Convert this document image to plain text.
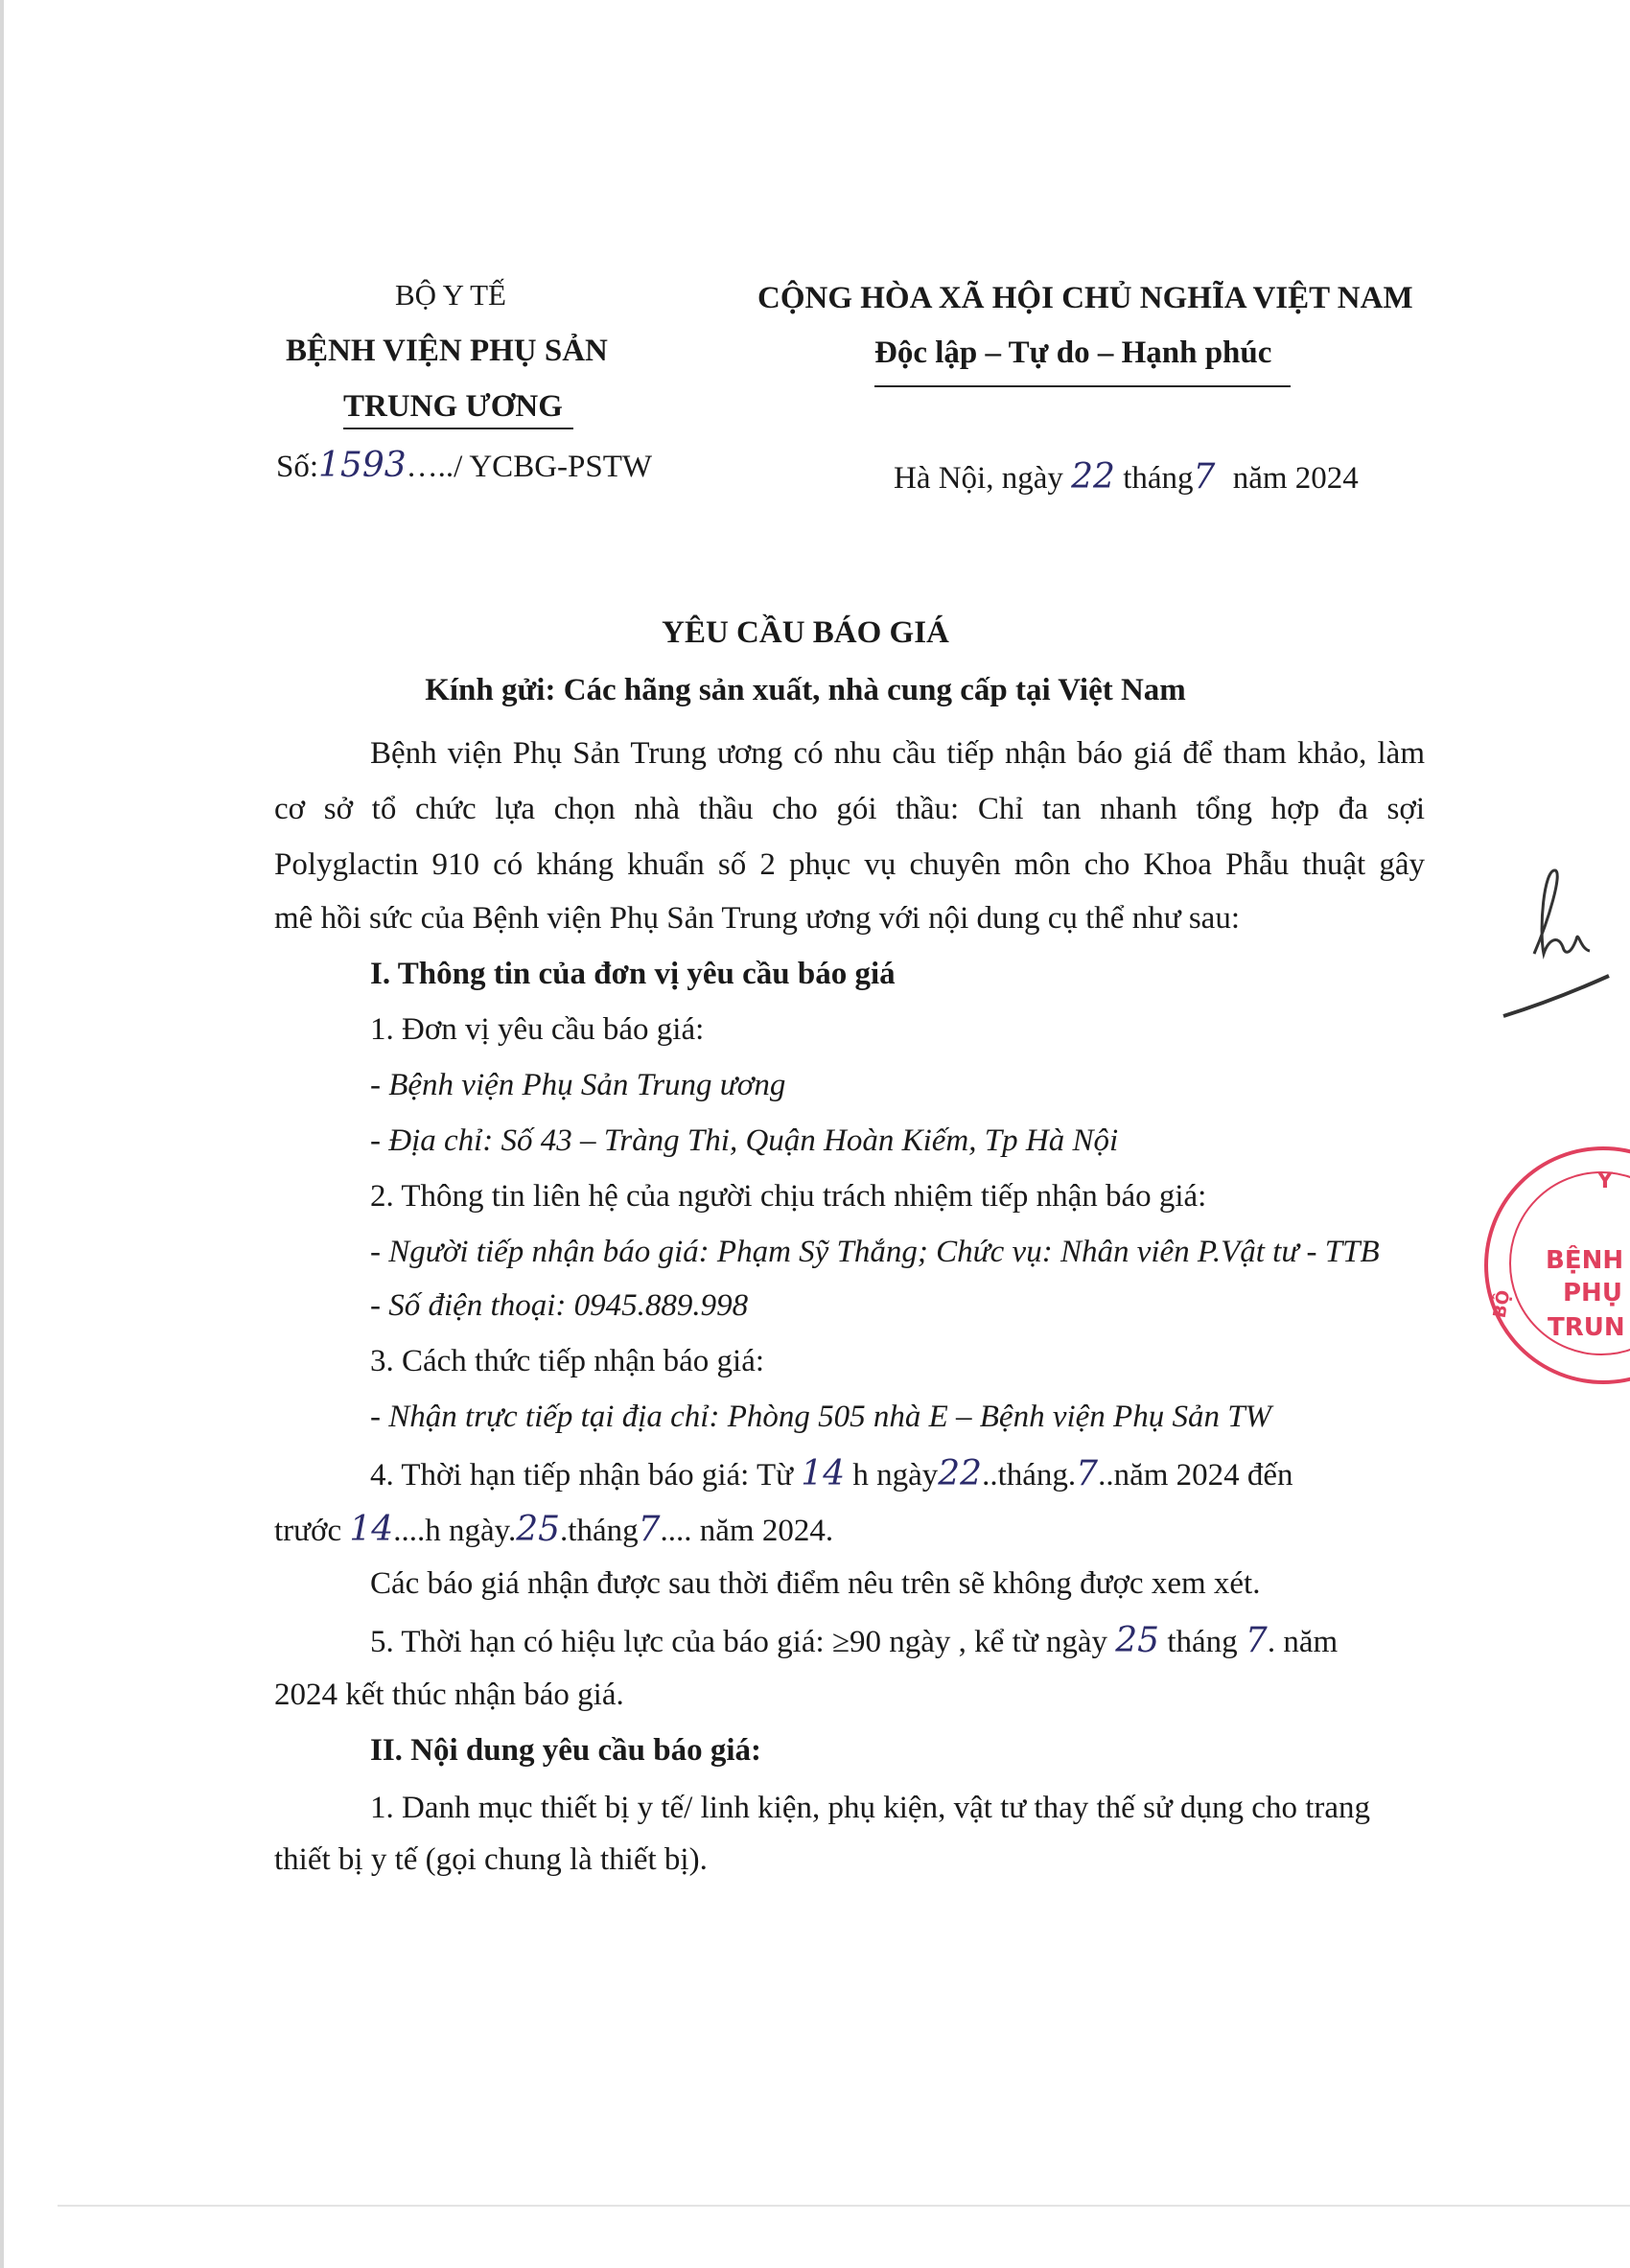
BỘ Y TẾ
BỆNH VIỆN PHỤ SẢN
TRUNG ƯƠNG
Số:1593…../ YCBG-PSTW
CỘNG HÒA XÃ HỘI CHỦ NGHĨA VIỆT NAM
Độc lập – Tự do – Hạnh phúc
Hà Nội, ngày 22 tháng7 năm 2024
YÊU CẦU BÁO GIÁ
Kính gửi: Các hãng sản xuất, nhà cung cấp tại Việt Nam
Bệnh viện Phụ Sản Trung ương có nhu cầu tiếp nhận báo giá để tham khảo, làm
cơ sở tổ chức lựa chọn nhà thầu cho gói thầu: Chỉ tan nhanh tổng hợp đa sợi
Polyglactin 910 có kháng khuẩn số 2 phục vụ chuyên môn cho Khoa Phẫu thuật gây
mê hồi sức của Bệnh viện Phụ Sản Trung ương với nội dung cụ thể như sau:
I. Thông tin của đơn vị yêu cầu báo giá
1. Đơn vị yêu cầu báo giá:
- Bệnh viện Phụ Sản Trung ương
- Địa chỉ: Số 43 – Tràng Thi, Quận Hoàn Kiếm, Tp Hà Nội
2. Thông tin liên hệ của người chịu trách nhiệm tiếp nhận báo giá:
- Người tiếp nhận báo giá: Phạm Sỹ Thắng; Chức vụ: Nhân viên P.Vật tư - TTB
- Số điện thoại: 0945.889.998
3. Cách thức tiếp nhận báo giá:
- Nhận trực tiếp tại địa chỉ: Phòng 505 nhà E – Bệnh viện Phụ Sản TW
4. Thời hạn tiếp nhận báo giá: Từ 14 h ngày22..tháng.7..năm 2024 đến
trước 14....h ngày.25.tháng7.... năm 2024.
Các báo giá nhận được sau thời điểm nêu trên sẽ không được xem xét.
5. Thời hạn có hiệu lực của báo giá: ≥90 ngày , kể từ ngày 25 tháng 7. năm
2024 kết thúc nhận báo giá.
II. Nội dung yêu cầu báo giá:
1. Danh mục thiết bị y tế/ linh kiện, phụ kiện, vật tư thay thế sử dụng cho trang
thiết bị y tế (gọi chung là thiết bị).
Y
BỆNH
PHỤ
TRUN
BỘ
